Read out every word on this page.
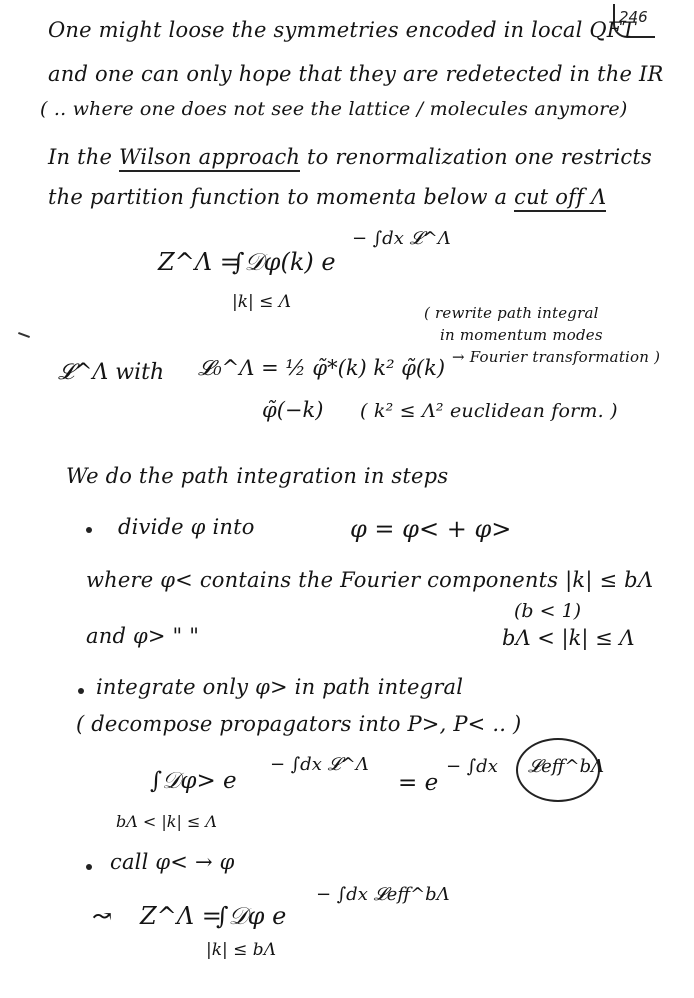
246
One might loose the symmetries encoded in local QFT
and one can only hope that they are redetected in the IR
( .. where one does not see the lattice / molecules anymore)
In the Wilson approach to renormalization one restricts
the partition function to momenta below a cut off Λ
Z^Λ =
∫𝒟φ(k) e
− ∫dx 𝓛^Λ
|k| ≤ Λ
( rewrite path integral
in momentum modes
→ Fourier transformation )
𝓛^Λ with 𝓛₀^Λ = ½ φ̃*(k) k² φ̃(k)
φ̃(−k) ( k² ≤ Λ² euclidean form. )
We do the path integration in steps
divide φ into	φ = φ< + φ>
where φ< contains the Fourier components |k| ≤ bΛ
(b < 1)
and φ> " "	bΛ < |k| ≤ Λ
integrate only φ> in path integral
( decompose propagators into P>, P< .. )
∫𝒟φ> e
− ∫dx 𝓛^Λ
= e
− ∫dx 𝓛eff^bΛ
bΛ < |k| ≤ Λ
call φ< → φ
↝ Z^Λ =
∫𝒟φ e
− ∫dx 𝓛eff^bΛ
|k| ≤ bΛ
